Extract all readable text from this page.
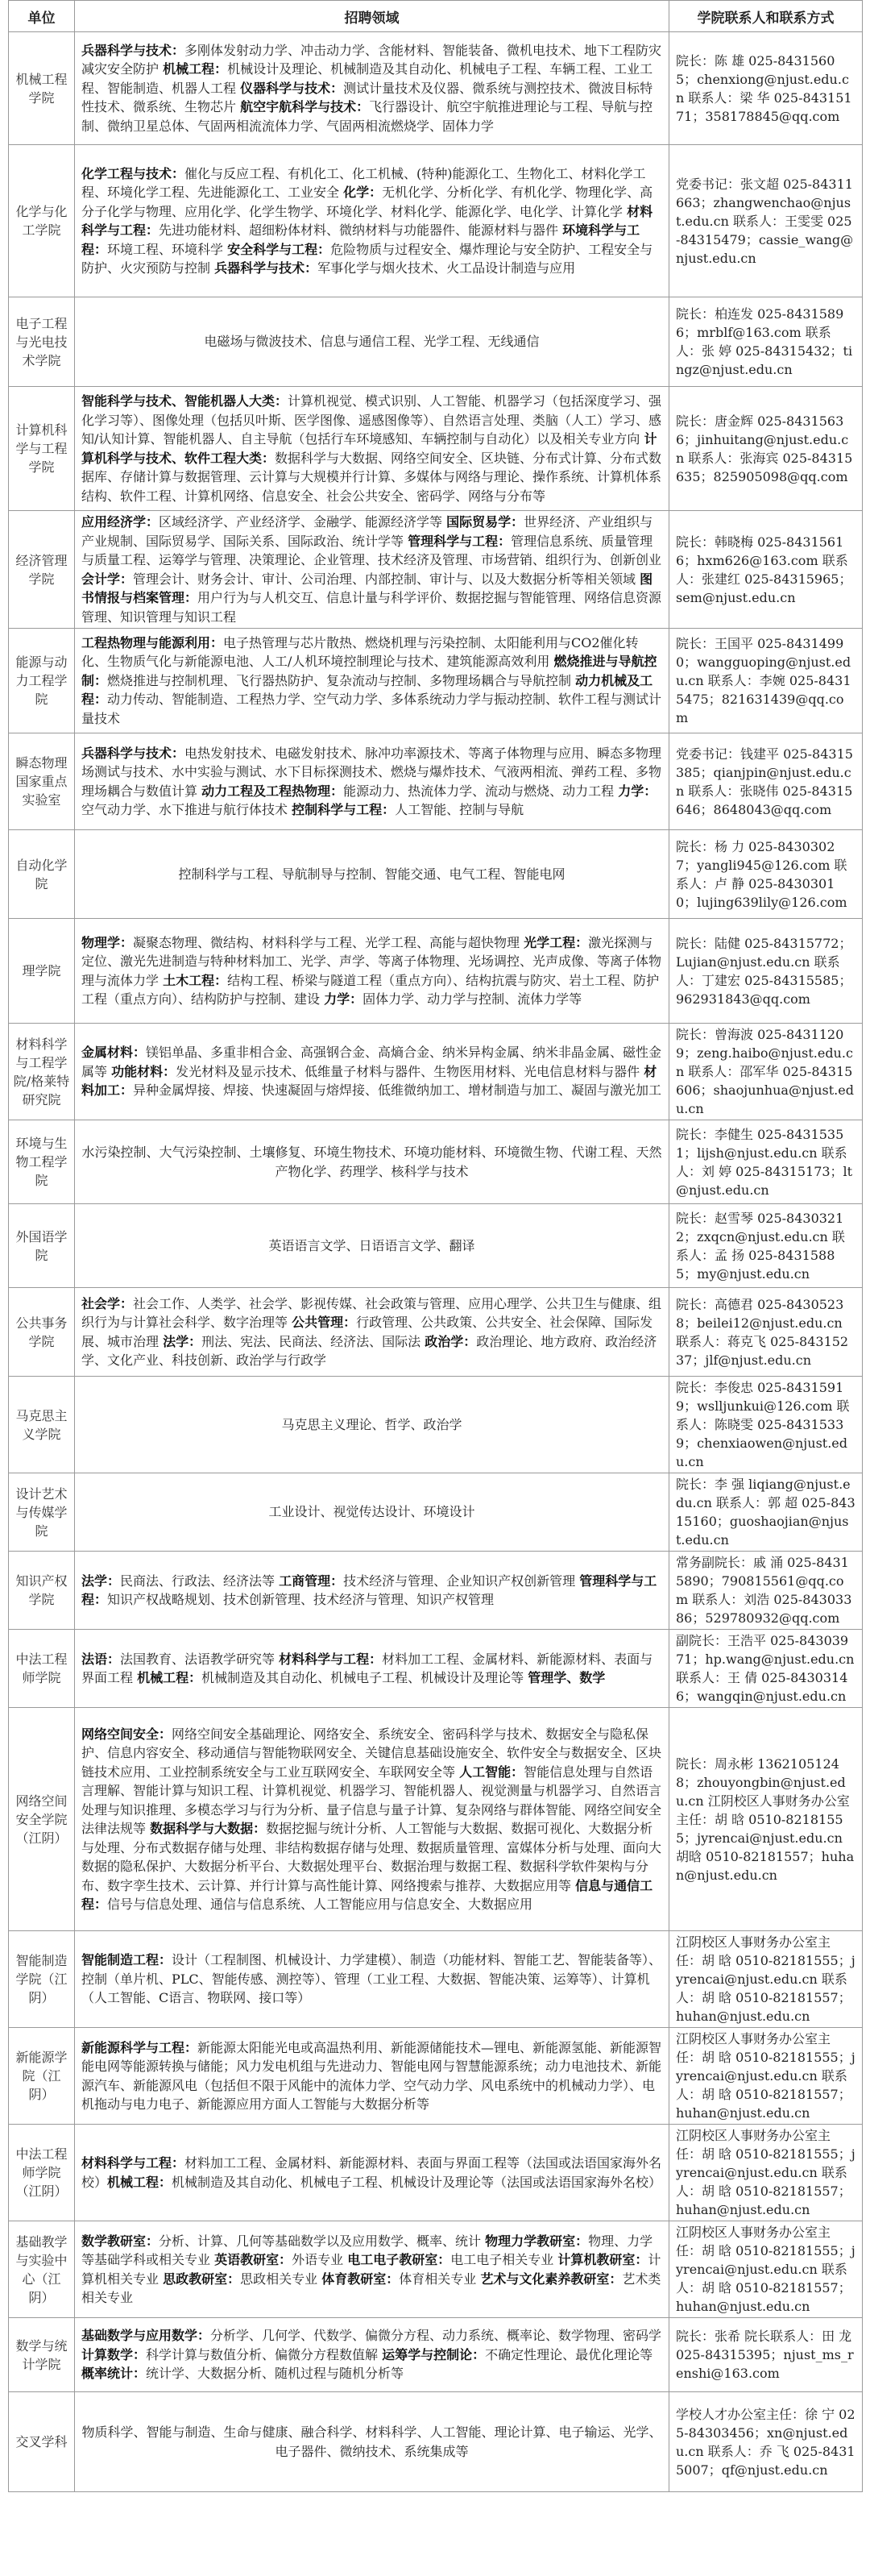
单位	招聘领域	学院联系人和联系方式
机械工程学院	兵器科学与技术：多刚体发射动力学、冲击动力学、含能材料、智能装备、微机电技术、地下工程防灾减灾安全防护 机械工程：机械设计及理论、机械制造及其自动化、机械电子工程、车辆工程、工业工程、智能制造、机器人工程 仪器科学与技术：测试计量技术及仪器、微系统与测控技术、微波目标特性技术、微系统、生物芯片 航空宇航科学与技术：飞行器设计、航空宇航推进理论与工程、导航与控制、微纳卫星总体、气固两相流流体力学、气固两相流燃烧学、固体力学	院长：陈 雄 025-84315605；chenxiong@njust.edu.cn 联系人：梁 华 025-84315171；358178845@qq.com
化学与化工学院	化学工程与技术：催化与反应工程、有机化工、化工机械、(特种)能源化工、生物化工、材料化学工程、环境化学工程、先进能源化工、工业安全 化学：无机化学、分析化学、有机化学、物理化学、高分子化学与物理、应用化学、化学生物学、环境化学、材料化学、能源化学、电化学、计算化学 材料科学与工程：先进功能材料、超细粉体材料、微纳材料与功能器件、能源材料与器件 环境科学与工程：环境工程、环境科学 安全科学与工程：危险物质与过程安全、爆炸理论与安全防护、工程安全与防护、火灾预防与控制 兵器科学与技术：军事化学与烟火技术、火工品设计制造与应用	党委书记：张文超 025-84311663；zhangwenchao@njust.edu.cn 联系人：王雯雯 025-84315479；cassie_wang@njust.edu.cn
电子工程与光电技术学院	电磁场与微波技术、信息与通信工程、光学工程、无线通信	院长：柏连发 025-84315896；mrblf@163.com 联系人：张 婷 025-84315432；tingz@njust.edu.cn
计算机科学与工程学院	智能科学与技术、智能机器人大类：计算机视觉、模式识别、人工智能、机器学习（包括深度学习、强化学习等）、图像处理（包括贝叶斯、医学图像、遥感图像等）、自然语言处理、类脑（人工）学习、感知/认知计算、智能机器人、自主导航（包括行车环境感知、车辆控制与自动化）以及相关专业方向 计算机科学与技术、软件工程大类：数据科学与大数据、网络空间安全、区块链、分布式计算、分布式数据库、存储计算与数据管理、云计算与大规模并行计算、多媒体与网络与理论、操作系统、计算机体系结构、软件工程、计算机网络、信息安全、社会公共安全、密码学、网络与分布等	院长：唐金辉 025-84315636；jinhuitang@njust.edu.cn 联系人：张海宾 025-84315635；825905098@qq.com
经济管理学院	应用经济学：区域经济学、产业经济学、金融学、能源经济学等 国际贸易学：世界经济、产业组织与产业规制、国际贸易学、国际关系、国际政治、统计学等 管理科学与工程：管理信息系统、质量管理与质量工程、运筹学与管理、决策理论、企业管理、技术经济及管理、市场营销、组织行为、创新创业 会计学：管理会计、财务会计、审计、公司治理、内部控制、审计与、以及大数据分析等相关领域 图书情报与档案管理：用户行为与人机交互、信息计量与科学评价、数据挖掘与智能管理、网络信息资源管理、知识管理与知识工程	院长：韩晓梅 025-84315616；hxm626@163.com 联系人：张建红 025-84315965；sem@njust.edu.cn
能源与动力工程学院	工程热物理与能源利用：电子热管理与芯片散热、燃烧机理与污染控制、太阳能利用与CO2催化转化、生物质气化与新能源电池、人工/人机环境控制理论与技术、建筑能源高效利用 燃烧推进与导航控制：燃烧推进与控制机理、飞行器热防护、复杂流动与控制、多物理场耦合与导航控制 动力机械及工程：动力传动、智能制造、工程热力学、空气动力学、多体系统动力学与振动控制、软件工程与测试计量技术	院长：王国平 025-84314990；wangguoping@njust.edu.cn 联系人：李婉 025-84315475；821631439@qq.com
瞬态物理国家重点实验室	兵器科学与技术：电热发射技术、电磁发射技术、脉冲功率源技术、等离子体物理与应用、瞬态多物理场测试与技术、水中实验与测试、水下目标探测技术、燃烧与爆炸技术、气液两相流、弹药工程、多物理场耦合与数值计算 动力工程及工程热物理：能源动力、热流体力学、流动与燃烧、动力工程 力学：空气动力学、水下推进与航行体技术 控制科学与工程：人工智能、控制与导航	党委书记：钱建平 025-84315385；qianjpin@njust.edu.cn 联系人：张晓伟 025-84315646；8648043@qq.com
自动化学院	控制科学与工程、导航制导与控制、智能交通、电气工程、智能电网	院长：杨 力 025-84303027；yangli945@126.com 联系人：卢 静 025-84303010；lujing639lily@126.com
理学院	物理学：凝聚态物理、微结构、材料科学与工程、光学工程、高能与超快物理 光学工程：激光探测与定位、激光先进制造与特种材料加工、光学、声学、等离子体物理、光场调控、光声成像、等离子体物理与流体力学 土木工程：结构工程、桥梁与隧道工程（重点方向）、结构抗震与防灾、岩土工程、防护工程（重点方向）、结构防护与控制、建设 力学：固体力学、动力学与控制、流体力学等	院长：陆健 025-84315772；Lujian@njust.edu.cn 联系人：丁建宏 025-84315585；962931843@qq.com
材料科学与工程学院/格莱特研究院	金属材料：镁铝单晶、多重非相合金、高强钢合金、高熵合金、纳米异构金属、纳米非晶金属、磁性金属等 功能材料：发光材料及显示技术、低维量子材料与器件、生物医用材料、光电信息材料与器件 材料加工：异种金属焊接、焊接、快速凝固与熔焊接、低维微纳加工、增材制造与加工、凝固与激光加工	院长：曾海波 025-84311209；zeng.haibo@njust.edu.cn 联系人：邵军华 025-84315606；shaojunhua@njust.edu.cn
环境与生物工程学院	水污染控制、大气污染控制、土壤修复、环境生物技术、环境功能材料、环境微生物、代谢工程、天然产物化学、药理学、核科学与技术	院长：李健生 025-84315351；lijsh@njust.edu.cn 联系人：刘 婷 025-84315173；lt@njust.edu.cn
外国语学院	英语语言文学、日语语言文学、翻译	院长：赵雪琴 025-84303212；zxqcn@njust.edu.cn 联系人：孟 扬 025-84315885；my@njust.edu.cn
公共事务学院	社会学：社会工作、人类学、社会学、影视传媒、社会政策与管理、应用心理学、公共卫生与健康、组织行为与计算社会科学、数字治理等 公共管理：行政管理、公共政策、公共安全、社会保障、国际发展、城市治理 法学：刑法、宪法、民商法、经济法、国际法 政治学：政治理论、地方政府、政治经济学、文化产业、科技创新、政治学与行政学	院长：高德君 025-84305238；beilei12@njust.edu.cn 联系人：蒋克飞 025-84315237；jlf@njust.edu.cn
马克思主义学院	马克思主义理论、哲学、政治学	院长：李俊忠 025-84315919；wslljunkui@126.com 联系人：陈晓雯 025-84315339；chenxiaowen@njust.edu.cn
设计艺术与传媒学院	工业设计、视觉传达设计、环境设计	院长：李 强 liqiang@njust.edu.cn 联系人：郭 超 025-84315160；guoshaojian@njust.edu.cn
知识产权学院	法学：民商法、行政法、经济法等 工商管理：技术经济与管理、企业知识产权创新管理 管理科学与工程：知识产权战略规划、技术创新管理、技术经济与管理、知识产权管理	常务副院长：戚 涌 025-84315890；790815561@qq.com 联系人：刘浩 025-84303386；529780932@qq.com
中法工程师学院	法语：法国教育、法语教学研究等 材料科学与工程：材料加工工程、金属材料、新能源材料、表面与界面工程 机械工程：机械制造及其自动化、机械电子工程、机械设计及理论等 管理学、数学	副院长：王浩平 025-84303971；hp.wang@njust.edu.cn 联系人：王 倩 025-84303146；wangqin@njust.edu.cn
网络空间安全学院（江阴）	网络空间安全：网络空间安全基础理论、网络安全、系统安全、密码科学与技术、数据安全与隐私保护、信息内容安全、移动通信与智能物联网安全、关键信息基础设施安全、软件安全与数据安全、区块链技术应用、工业控制系统安全与工业互联网安全、车联网安全等 人工智能：智能信息处理与自然语言理解、智能计算与知识工程、计算机视觉、机器学习、智能机器人、视觉测量与机器学习、自然语言处理与知识推理、多模态学习与行为分析、量子信息与量子计算、复杂网络与群体智能、网络空间安全法律法规等 数据科学与大数据：数据挖掘与统计分析、人工智能与大数据、数据可视化、大数据分析与处理、分布式数据存储与处理、非结构数据存储与处理、数据质量管理、富媒体分析与处理、面向大数据的隐私保护、大数据分析平台、大数据处理平台、数据治理与数据工程、数据科学软件架构与分布、数字孪生技术、云计算、并行计算与高性能计算、网络搜索与推荐、大数据应用等 信息与通信工程：信号与信息处理、通信与信息系统、人工智能应用与信息安全、大数据应用	院长：周永彬 13621051248；zhouyongbin@njust.edu.cn 江阴校区人事财务办公室主任：胡 晗 0510-82181555；jyrencai@njust.edu.cn 胡晗 0510-82181557；huhan@njust.edu.cn
智能制造学院（江阴）	智能制造工程：设计（工程制图、机械设计、力学建模）、制造（功能材料、智能工艺、智能装备等）、控制（单片机、PLC、智能传感、测控等）、管理（工业工程、大数据、智能决策、运筹等）、计算机（人工智能、C语言、物联网、接口等）	江阴校区人事财务办公室主任：胡 晗 0510-82181555；jyrencai@njust.edu.cn 联系人：胡 晗 0510-82181557；huhan@njust.edu.cn
新能源学院（江阴）	新能源科学与工程：新能源太阳能光电或高温热利用、新能源储能技术—锂电、新能源氢能、新能源智能电网等能源转换与储能；风力发电机组与先进动力、智能电网与智慧能源系统；动力电池技术、新能源汽车、新能源风电（包括但不限于风能中的流体力学、空气动力学、风电系统中的机械动力学）、电机拖动与电力电子、新能源应用方面人工智能与大数据分析等	江阴校区人事财务办公室主任：胡 晗 0510-82181555；jyrencai@njust.edu.cn 联系人：胡 晗 0510-82181557；huhan@njust.edu.cn
中法工程师学院（江阴）	材料科学与工程：材料加工工程、金属材料、新能源材料、表面与界面工程等（法国或法语国家海外名校）机械工程：机械制造及其自动化、机械电子工程、机械设计及理论等（法国或法语国家海外名校）	江阴校区人事财务办公室主任：胡 晗 0510-82181555；jyrencai@njust.edu.cn 联系人：胡 晗 0510-82181557；huhan@njust.edu.cn
基础教学与实验中心（江阴）	数学教研室：分析、计算、几何等基础数学以及应用数学、概率、统计 物理力学教研室：物理、力学等基础学科或相关专业 英语教研室：外语专业 电工电子教研室：电工电子相关专业 计算机教研室：计算机相关专业 思政教研室：思政相关专业 体育教研室：体育相关专业 艺术与文化素养教研室：艺术类相关专业	江阴校区人事财务办公室主任：胡 晗 0510-82181555；jyrencai@njust.edu.cn 联系人：胡 晗 0510-82181557；huhan@njust.edu.cn
数学与统计学院	基础数学与应用数学：分析学、几何学、代数学、偏微分方程、动力系统、概率论、数学物理、密码学 计算数学：科学计算与数值分析、偏微分方程数值解 运筹学与控制论：不确定性理论、最优化理论等 概率统计：统计学、大数据分析、随机过程与随机分析等	院长：张希 院长联系人：田 龙 025-84315395；njust_ms_renshi@163.com
交叉学科	物质科学、智能与制造、生命与健康、融合科学、材料科学、人工智能、理论计算、电子输运、光学、电子器件、微纳技术、系统集成等	学校人才办公室主任：徐 宁 025-84303456；xn@njust.edu.cn 联系人：乔 飞 025-84315007；qf@njust.edu.cn
